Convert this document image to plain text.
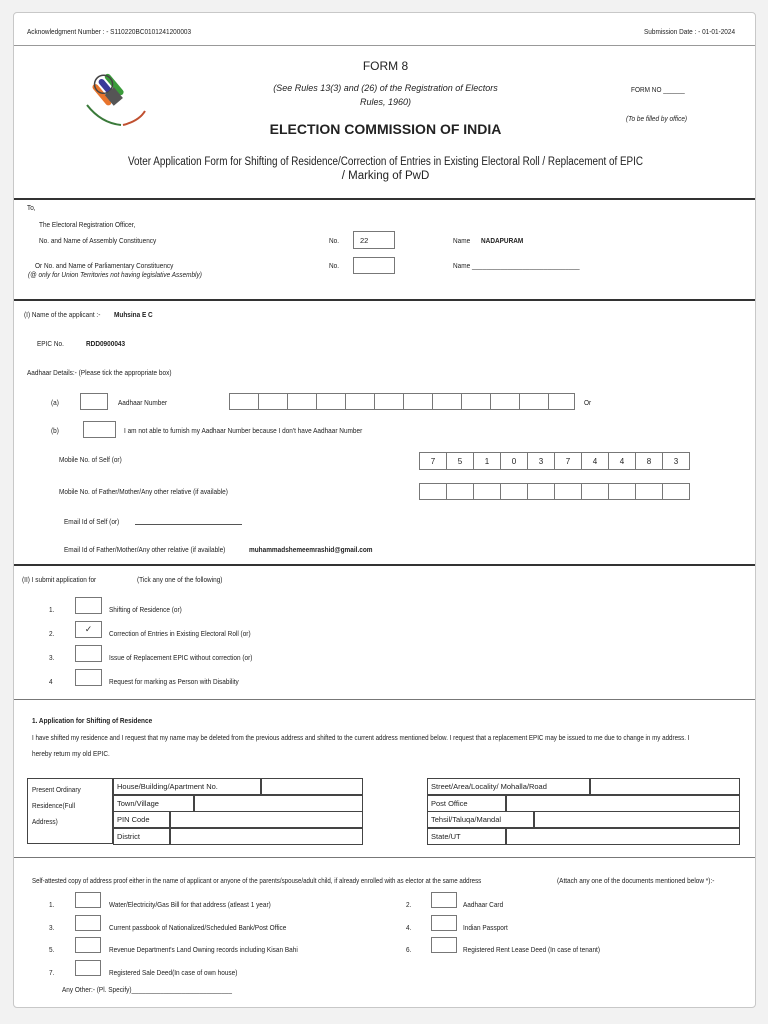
Acknowledgment Number : - S110220BC0101241200003	Submission Date : - 01-01-2024
FORM 8
(See Rules 13(3) and (26) of the Registration of Electors
Rules, 1960)
ELECTION COMMISSION OF INDIA
FORM NO ______
(To be filled by office)
Voter Application Form for Shifting of Residence/Correction of Entries in Existing Electoral Roll / Replacement of EPIC
/ Marking of PwD
To,
The Electoral Registration Officer,
No. and Name of Assembly Constituency	No.	22	Name NADAPURAM
Or No. and Name of Parliamentary Constituency
(@ only for Union Territories not having legislative Assembly)
No.	Name ______________________________
(I) Name of the applicant :- Muhsina E C
EPIC No.	RDD0900043
Aadhaar Details:- (Please tick the appropriate box)
(a)	Aadhaar Number	Or
(b)	I am not able to furnish my Aadhaar Number because I don't have Aadhaar Number
Mobile No. of Self (or)	7	5	1	0	3	7	4	4	8	3
Mobile No. of Father/Mother/Any other relative (if available)
Email Id of Self (or)
Email Id of Father/Mother/Any other relative (if available)	muhammadshemeemrashid@gmail.com
(II) I submit application for	(Tick any one of the following)
1.	Shifting of Residence (or)
2.	✓ Correction of Entries in Existing Electoral Roll (or)
3.	Issue of Replacement EPIC without correction (or)
4	Request for marking as Person with Disability
1. Application for Shifting of Residence
I have shifted my residence and I request that my name may be deleted from the previous address and shifted to the current address mentioned below. I request that a replacement EPIC may be issued to me due to change in my address. I
hereby return my old EPIC.
Present Ordinary
Residence(Full
Address)
House/Building/Apartment No.
Town/Village
PIN Code
District
Street/Area/Locality/ Mohalla/Road
Post Office
Tehsil/Taluqa/Mandal
State/UT
Self-attested copy of address proof either in the name of applicant or anyone of the parents/spouse/adult child, if already enrolled with as elector at the same address	(Attach any one of the documents mentioned below *):-
1.	Water/Electricity/Gas Bill for that address (atleast 1 year)	2.	Aadhaar Card
3.	Current passbook of Nationalized/Scheduled Bank/Post Office	4.	Indian Passport
5.	Revenue Department's Land Owning records including Kisan Bahi	6.	Registered Rent Lease Deed (In case of tenant)
7.	Registered Sale Deed(In case of own house)
Any Other:- (Pl. Specify)____________________________
